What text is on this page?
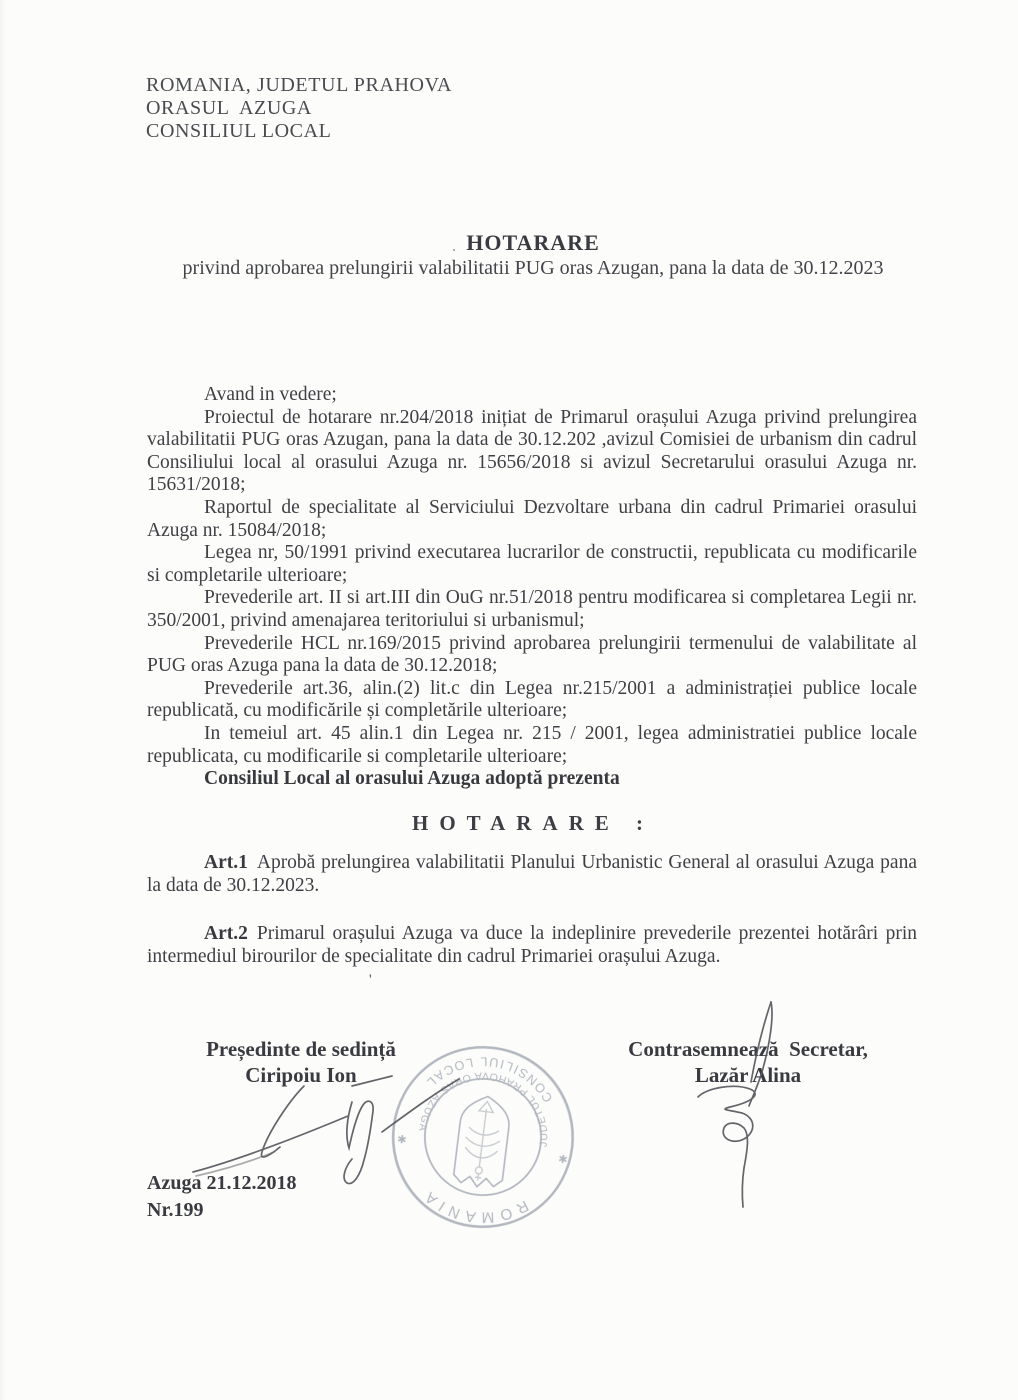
ROMANIA, JUDETUL PRAHOVA
ORASUL  AZUGA
CONSILIUL LOCAL
. HOTARARE
privind aprobarea prelungirii valabilitatii PUG oras Azugan, pana la data de 30.12.2023

Avand in vedere;

Proiectul de hotarare nr.204/2018 inițiat de Primarul orașului Azuga privind prelungirea valabilitatii PUG oras Azugan, pana la data de 30.12.202 ,avizul Comisiei de urbanism din cadrul Consiliului local al orasului Azuga nr. 15656/2018 si avizul Secretarului orasului Azuga nr. 15631/2018;

Raportul de specialitate al Serviciului Dezvoltare urbana din cadrul Primariei orasului Azuga nr. 15084/2018;

Legea nr, 50/1991 privind executarea lucrarilor de constructii, republicata cu modificarile si completarile ulterioare;

Prevederile art. II si art.III din OuG nr.51/2018 pentru modificarea si completarea Legii nr. 350/2001, privind amenajarea teritoriului si urbanismul;

Prevederile HCL nr.169/2015 privind aprobarea prelungirii termenului de valabilitate al PUG oras Azuga pana la data de 30.12.2018;

Prevederile art.36, alin.(2) lit.c din Legea nr.215/2001 a administrației publice locale republicată, cu modificările și completările ulterioare;

In temeiul art. 45 alin.1 din Legea nr. 215 / 2001, legea administratiei publice locale republicata, cu modificarile si completarile ulterioare;

Consiliul Local al orasului Azuga adoptă prezenta

HOTARARE :

Art.1 Aprobă prelungirea valabilitatii Planului Urbanistic General al orasului Azuga pana la data de 30.12.2023.

Art.2 Primarul orașului Azuga va duce la indeplinire prevederile prezentei hotărâri prin intermediul birourilor de specialitate din cadrul Primariei orașului Azuga.

'
Președinte de sedință
Ciripoiu Ion
Contrasemnează  Secretar,
Lazăr Alina
ROMANIA
CONSILIUL LOCAL
JUDETUL PRAHOVA ORAS AZUGA
✱
✱
Azuga 21.12.2018
Nr.199
